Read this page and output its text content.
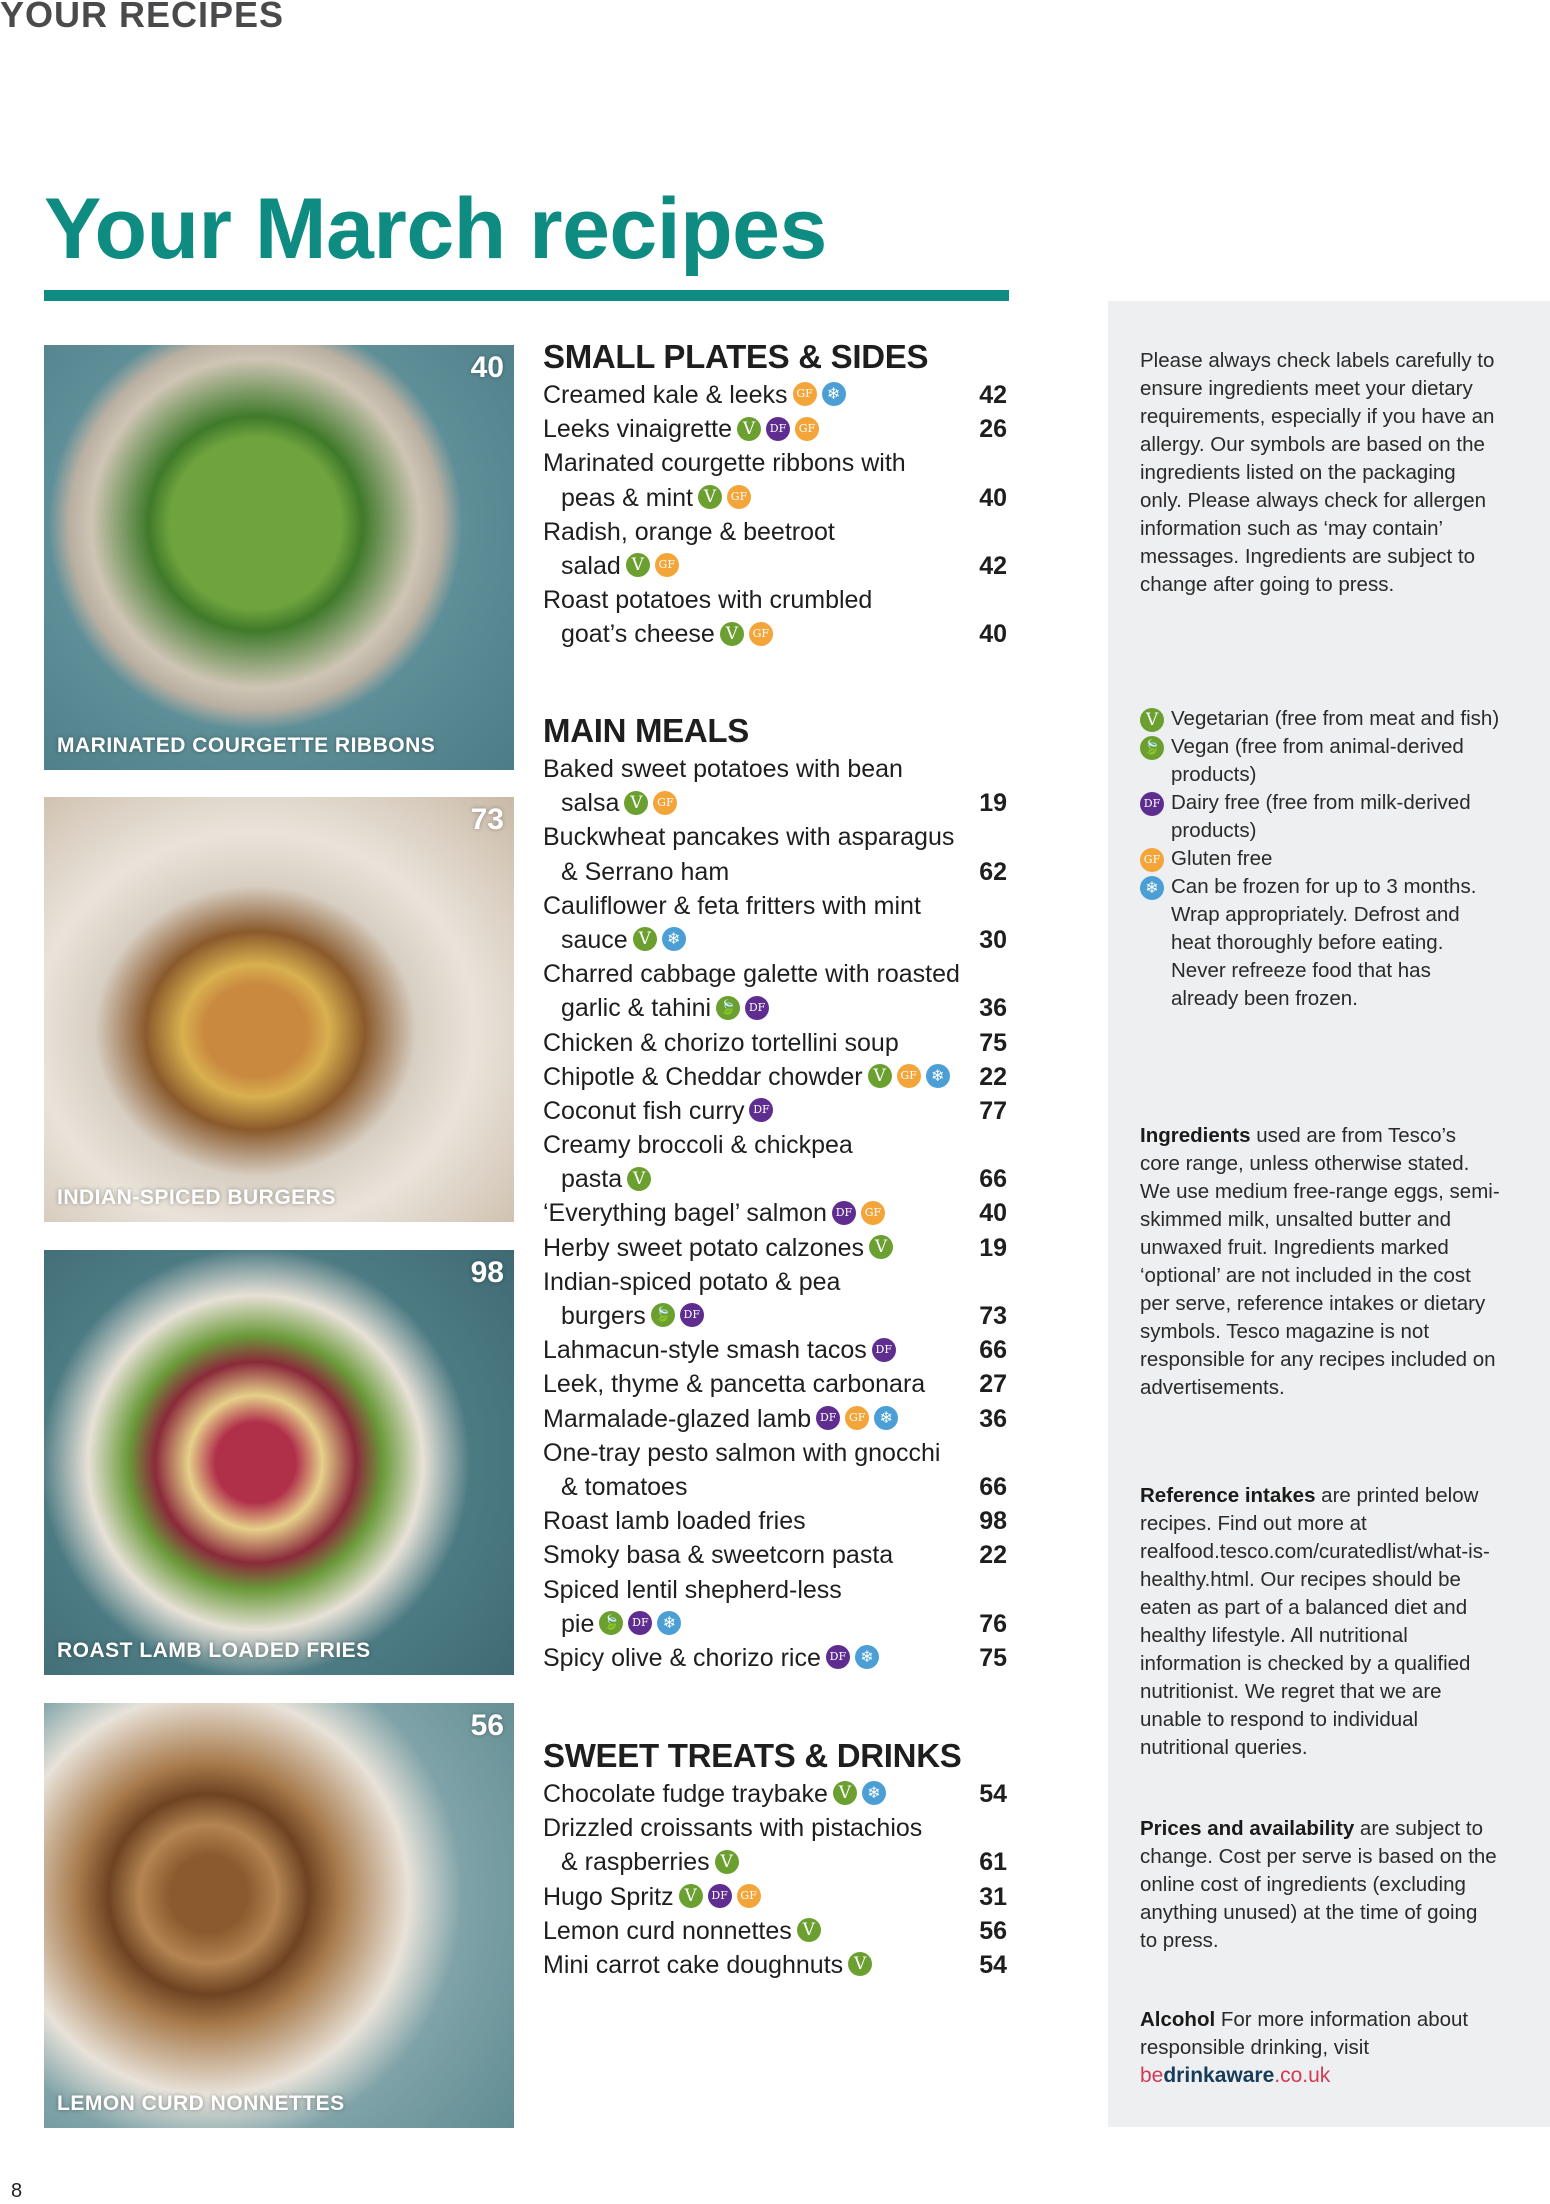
YOUR RECIPES
Your March recipes
40
MARINATED COURGETTE RIBBONS
73
INDIAN-SPICED BURGERS
98
ROAST LAMB LOADED FRIES
56
LEMON CURD NONNETTES
SMALL PLATES & SIDES
Creamed kale & leeks GF ❄	42
Leeks vinaigrette V DF GF	26
Marinated courgette ribbons with
peas & mint V GF	40
Radish, orange & beetroot
salad V GF	42
Roast potatoes with crumbled
goat’s cheese V GF	40
MAIN MEALS
Baked sweet potatoes with bean
salsa V GF	19
Buckwheat pancakes with asparagus
& Serrano ham	62
Cauliflower & feta fritters with mint
sauce V ❄	30
Charred cabbage galette with roasted
garlic & tahini 🍃 DF	36
Chicken & chorizo tortellini soup	75
Chipotle & Cheddar chowder V GF ❄ 22
Coconut fish curry DF	77
Creamy broccoli & chickpea
pasta V	66
‘Everything bagel’ salmon DF GF	40
Herby sweet potato calzones V	19
Indian-spiced potato & pea
burgers 🍃 DF	73
Lahmacun-style smash tacos DF	66
Leek, thyme & pancetta carbonara 27
Marmalade-glazed lamb DF GF ❄	36
One-tray pesto salmon with gnocchi
& tomatoes	66
Roast lamb loaded fries	98
Smoky basa & sweetcorn pasta	22
Spiced lentil shepherd-less
pie 🍃 DF ❄	76
Spicy olive & chorizo rice DF ❄	75
SWEET TREATS & DRINKS
Chocolate fudge traybake V ❄	54
Drizzled croissants with pistachios
& raspberries V	61
Hugo Spritz V DF GF	31
Lemon curd nonnettes V	56
Mini carrot cake doughnuts V	54
Please always check labels carefully to ensure ingredients meet your dietary requirements, especially if you have an allergy. Our symbols are based on the ingredients listed on the packaging only. Please always check for allergen information such as ‘may contain’ messages. Ingredients are subject to change after going to press.
V Vegetarian (free from meat and fish)
🍃 Vegan (free from animal-derived products)
DF Dairy free (free from milk-derived products)
GF Gluten free
❄ Can be frozen for up to 3 months. Wrap appropriately. Defrost and heat thoroughly before eating. Never refreeze food that has already been frozen.
Ingredients used are from Tesco’s core range, unless otherwise stated. We use medium free-range eggs, semi-skimmed milk, unsalted butter and unwaxed fruit. Ingredients marked ‘optional’ are not included in the cost per serve, reference intakes or dietary symbols. Tesco magazine is not responsible for any recipes included on advertisements.
Reference intakes are printed below recipes. Find out more at realfood.tesco.com/curatedlist/what-is-healthy.html. Our recipes should be eaten as part of a balanced diet and healthy lifestyle. All nutritional information is checked by a qualified nutritionist. We regret that we are unable to respond to individual nutritional queries.
Prices and availability are subject to change. Cost per serve is based on the online cost of ingredients (excluding anything unused) at the time of going to press.
Alcohol For more information about responsible drinking, visit
bedrinkaware.co.uk
8
